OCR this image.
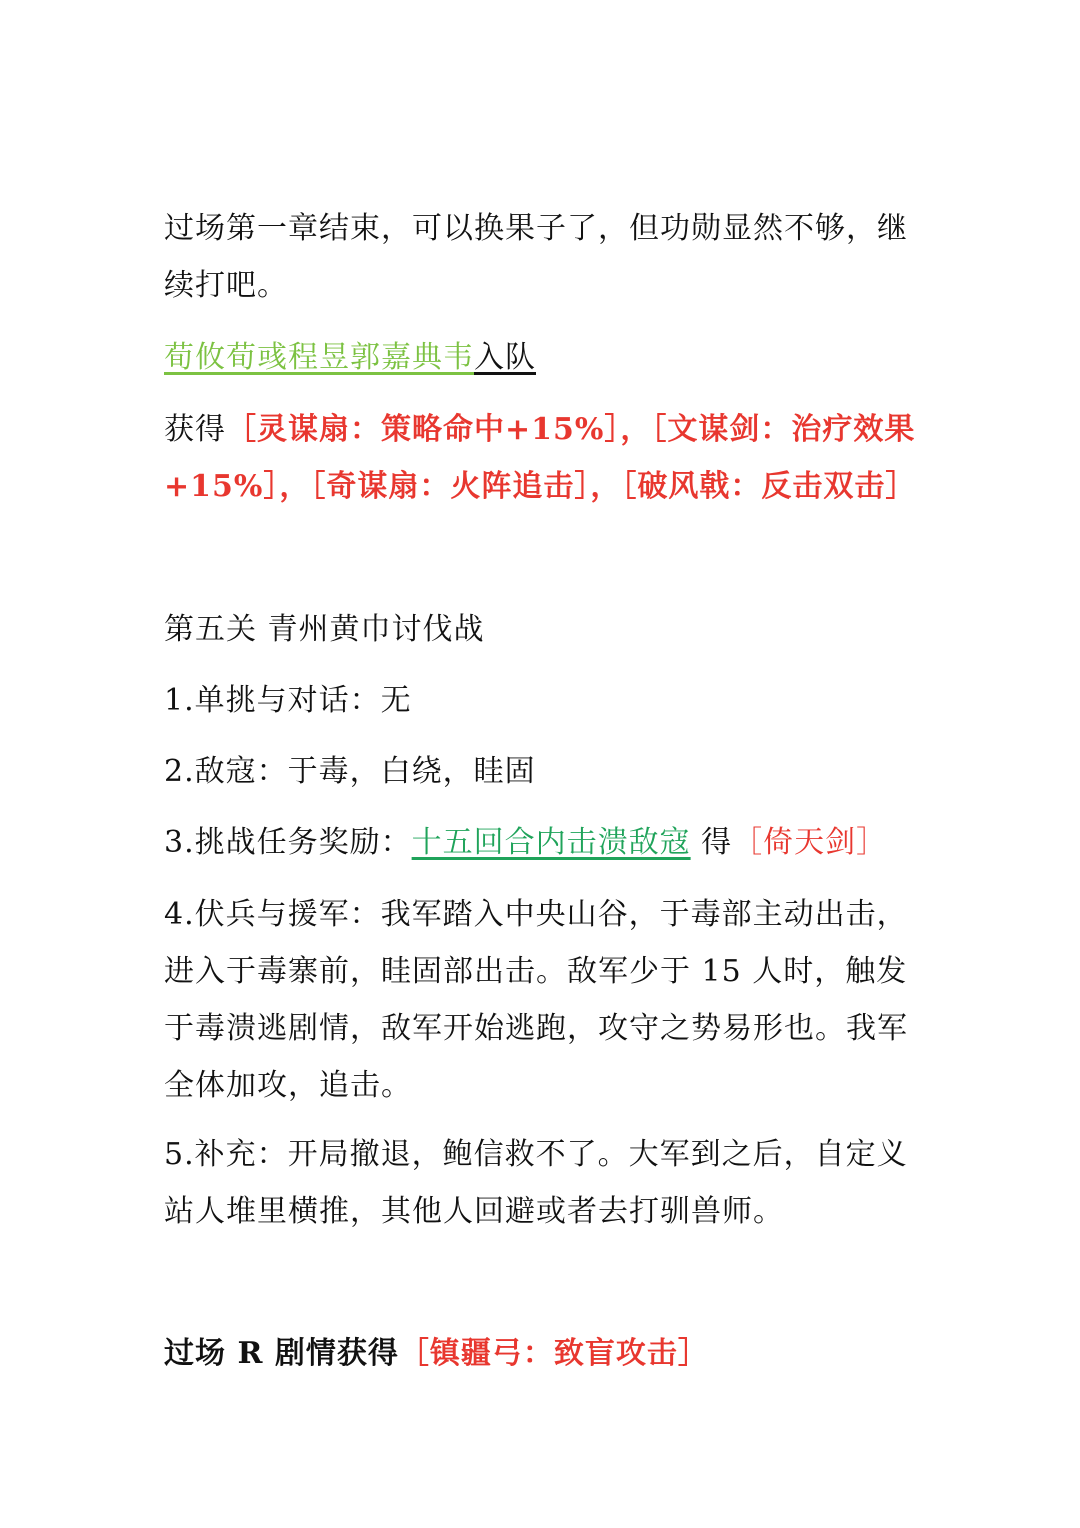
过场第一章结束，可以换果子了，但功勋显然不够，继续打吧。
荀攸荀彧程昱郭嘉典韦入队
获得［灵谋扇：策略命中+15%］，［文谋剑：治疗效果+15%］，［奇谋扇：火阵追击］，［破风戟：反击双击］
第五关 青州黄巾讨伐战
1.单挑与对话：无
2.敌寇：于毒，白绕，眭固
3.挑战任务奖励：十五回合内击溃敌寇 得［倚天剑］
4.伏兵与援军：我军踏入中央山谷，于毒部主动出击，进入于毒寨前，眭固部出击。敌军少于 15 人时，触发于毒溃逃剧情，敌军开始逃跑，攻守之势易形也。我军全体加攻，追击。
5.补充：开局撤退，鲍信救不了。大军到之后，自定义站人堆里横推，其他人回避或者去打驯兽师。
过场 R 剧情获得［镇疆弓：致盲攻击］
